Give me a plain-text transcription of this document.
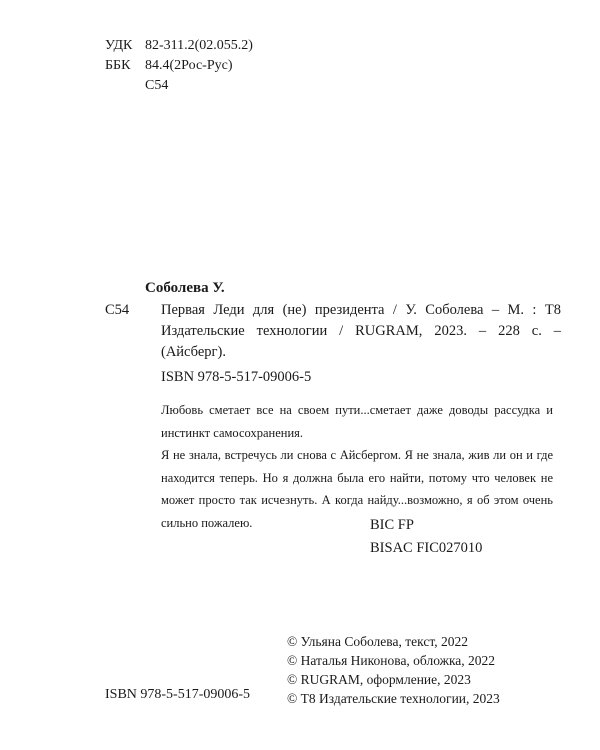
УДК 82-311.2(02.055.2)
ББК 84.4(2Рос-Рус)
С54
Соболева У.
С54 Первая Леди для (не) президента / У. Соболева – М. : Т8 Издательские технологии / RUGRAM, 2023. – 228 с. – (Айсберг).
ISBN 978-5-517-09006-5

Любовь сметает все на своем пути...сметает даже доводы рассудка и инстинкт самосохранения.

Я не знала, встречусь ли снова с Айсбергом. Я не знала, жив ли он и где находится теперь. Но я должна была его найти, потому что человек не может просто так исчезнуть. А когда найду...возможно, я об этом очень сильно пожалею.	BIC FP
BISAC FIC027010
© Ульяна Соболева, текст, 2022
© Наталья Никонова, обложка, 2022
© RUGRAM, оформление, 2023
© Т8 Издательские технологии, 2023
ISBN 978-5-517-09006-5
